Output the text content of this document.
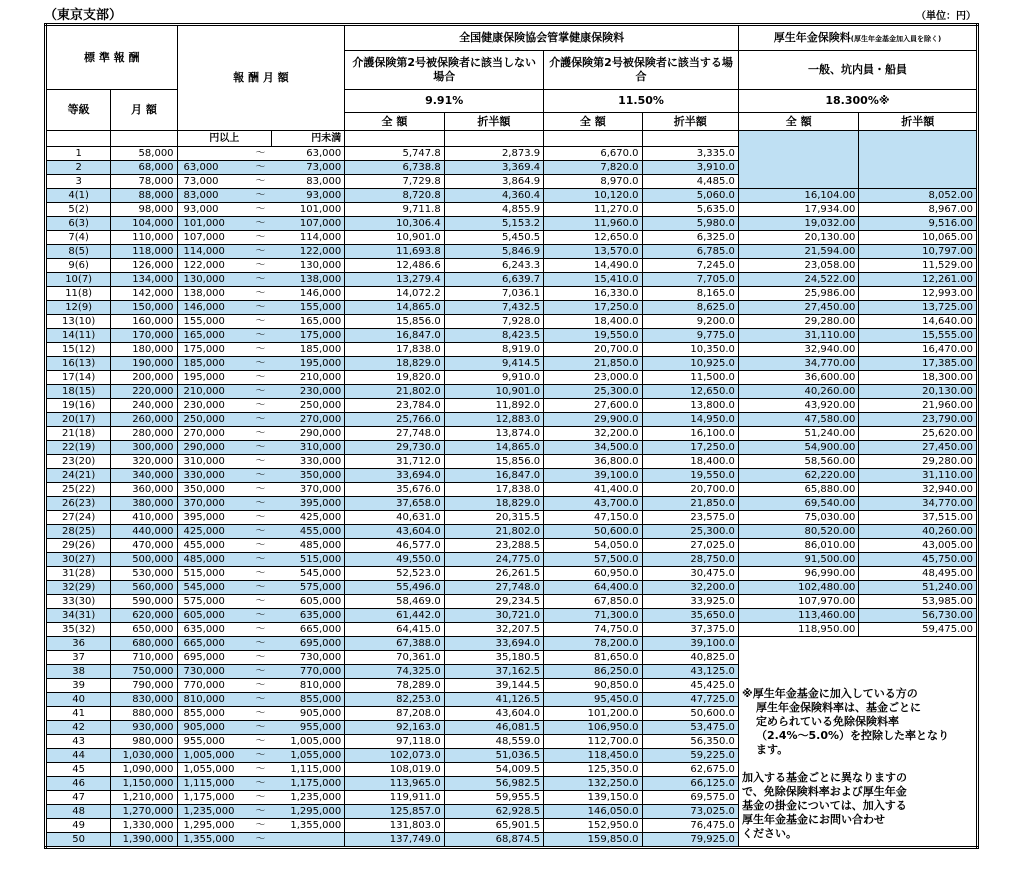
（東京支部）	（単位：円）
標 準 報 酬		報 酬 月 額			全国健康保険協会管掌健康保険料				厚生年金保険料(厚生年金基金加入員を除く)	
					介護保険第2号被保険者に該当しない場合		介護保険第2号被保険者に該当する場合		一般、坑内員・船員	
等級	月 額				9.91%		11.50%		18.300%※	
					全 額	折半額	全 額	折半額	全 額	折半額
		円以上		円未満						
1	58,000		～	63,000	5,747.8	2,873.9	6,670.0	3,335.0		
2	68,000	63,000	～	73,000	6,738.8	3,369.4	7,820.0	3,910.0		
3	78,000	73,000	～	83,000	7,729.8	3,864.9	8,970.0	4,485.0		
4(1)	88,000	83,000	～	93,000	8,720.8	4,360.4	10,120.0	5,060.0	16,104.00	8,052.00
5(2)	98,000	93,000	～	101,000	9,711.8	4,855.9	11,270.0	5,635.0	17,934.00	8,967.00
6(3)	104,000	101,000	～	107,000	10,306.4	5,153.2	11,960.0	5,980.0	19,032.00	9,516.00
7(4)	110,000	107,000	～	114,000	10,901.0	5,450.5	12,650.0	6,325.0	20,130.00	10,065.00
8(5)	118,000	114,000	～	122,000	11,693.8	5,846.9	13,570.0	6,785.0	21,594.00	10,797.00
9(6)	126,000	122,000	～	130,000	12,486.6	6,243.3	14,490.0	7,245.0	23,058.00	11,529.00
10(7)	134,000	130,000	～	138,000	13,279.4	6,639.7	15,410.0	7,705.0	24,522.00	12,261.00
11(8)	142,000	138,000	～	146,000	14,072.2	7,036.1	16,330.0	8,165.0	25,986.00	12,993.00
12(9)	150,000	146,000	～	155,000	14,865.0	7,432.5	17,250.0	8,625.0	27,450.00	13,725.00
13(10)	160,000	155,000	～	165,000	15,856.0	7,928.0	18,400.0	9,200.0	29,280.00	14,640.00
14(11)	170,000	165,000	～	175,000	16,847.0	8,423.5	19,550.0	9,775.0	31,110.00	15,555.00
15(12)	180,000	175,000	～	185,000	17,838.0	8,919.0	20,700.0	10,350.0	32,940.00	16,470.00
16(13)	190,000	185,000	～	195,000	18,829.0	9,414.5	21,850.0	10,925.0	34,770.00	17,385.00
17(14)	200,000	195,000	～	210,000	19,820.0	9,910.0	23,000.0	11,500.0	36,600.00	18,300.00
18(15)	220,000	210,000	～	230,000	21,802.0	10,901.0	25,300.0	12,650.0	40,260.00	20,130.00
19(16)	240,000	230,000	～	250,000	23,784.0	11,892.0	27,600.0	13,800.0	43,920.00	21,960.00
20(17)	260,000	250,000	～	270,000	25,766.0	12,883.0	29,900.0	14,950.0	47,580.00	23,790.00
21(18)	280,000	270,000	～	290,000	27,748.0	13,874.0	32,200.0	16,100.0	51,240.00	25,620.00
22(19)	300,000	290,000	～	310,000	29,730.0	14,865.0	34,500.0	17,250.0	54,900.00	27,450.00
23(20)	320,000	310,000	～	330,000	31,712.0	15,856.0	36,800.0	18,400.0	58,560.00	29,280.00
24(21)	340,000	330,000	～	350,000	33,694.0	16,847.0	39,100.0	19,550.0	62,220.00	31,110.00
25(22)	360,000	350,000	～	370,000	35,676.0	17,838.0	41,400.0	20,700.0	65,880.00	32,940.00
26(23)	380,000	370,000	～	395,000	37,658.0	18,829.0	43,700.0	21,850.0	69,540.00	34,770.00
27(24)	410,000	395,000	～	425,000	40,631.0	20,315.5	47,150.0	23,575.0	75,030.00	37,515.00
28(25)	440,000	425,000	～	455,000	43,604.0	21,802.0	50,600.0	25,300.0	80,520.00	40,260.00
29(26)	470,000	455,000	～	485,000	46,577.0	23,288.5	54,050.0	27,025.0	86,010.00	43,005.00
30(27)	500,000	485,000	～	515,000	49,550.0	24,775.0	57,500.0	28,750.0	91,500.00	45,750.00
31(28)	530,000	515,000	～	545,000	52,523.0	26,261.5	60,950.0	30,475.0	96,990.00	48,495.00
32(29)	560,000	545,000	～	575,000	55,496.0	27,748.0	64,400.0	32,200.0	102,480.00	51,240.00
33(30)	590,000	575,000	～	605,000	58,469.0	29,234.5	67,850.0	33,925.0	107,970.00	53,985.00
34(31)	620,000	605,000	～	635,000	61,442.0	30,721.0	71,300.0	35,650.0	113,460.00	56,730.00
35(32)	650,000	635,000	～	665,000	64,415.0	32,207.5	74,750.0	37,375.0	118,950.00	59,475.00
36	680,000	665,000	～	695,000	67,388.0	33,694.0	78,200.0	39,100.0		
37	710,000	695,000	～	730,000	70,361.0	35,180.5	81,650.0	40,825.0		
38	750,000	730,000	～	770,000	74,325.0	37,162.5	86,250.0	43,125.0		
39	790,000	770,000	～	810,000	78,289.0	39,144.5	90,850.0	45,425.0		
40	830,000	810,000	～	855,000	82,253.0	41,126.5	95,450.0	47,725.0		
41	880,000	855,000	～	905,000	87,208.0	43,604.0	101,200.0	50,600.0		
42	930,000	905,000	～	955,000	92,163.0	46,081.5	106,950.0	53,475.0		
43	980,000	955,000	～	1,005,000	97,118.0	48,559.0	112,700.0	56,350.0		
44	1,030,000	1,005,000	～	1,055,000	102,073.0	51,036.5	118,450.0	59,225.0		
45	1,090,000	1,055,000	～	1,115,000	108,019.0	54,009.5	125,350.0	62,675.0		
46	1,150,000	1,115,000	～	1,175,000	113,965.0	56,982.5	132,250.0	66,125.0		
47	1,210,000	1,175,000	～	1,235,000	119,911.0	59,955.5	139,150.0	69,575.0		
48	1,270,000	1,235,000	～	1,295,000	125,857.0	62,928.5	146,050.0	73,025.0		
49	1,330,000	1,295,000	～	1,355,000	131,803.0	65,901.5	152,950.0	76,475.0		
50	1,390,000	1,355,000	～		137,749.0	68,874.5	159,850.0	79,925.0		

※厚生年金基金に加入している方の
厚生年金保険料率は、基金ごとに
定められている免除保険料率
（2.4%～5.0%）を控除した率となり
ます。

加入する基金ごとに異なりますの
で、免除保険料率および厚生年金
基金の掛金については、加入する
厚生年金基金にお問い合わせ
ください。
